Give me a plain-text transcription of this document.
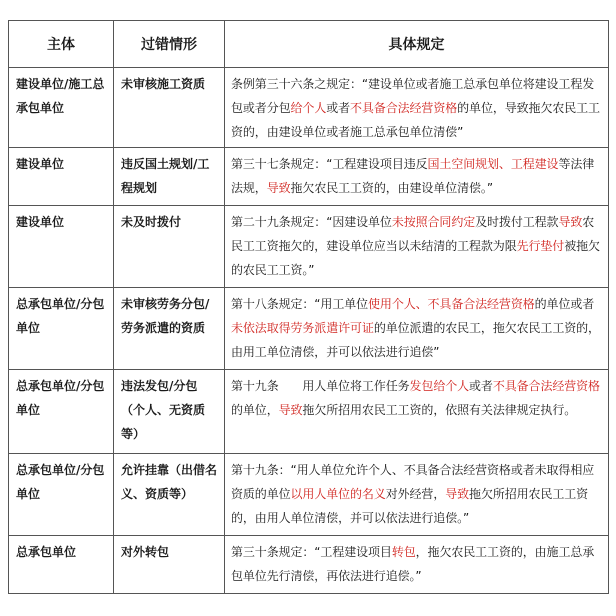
主体	过错情形	具体规定
建设单位/施工总承包单位	未审核施工资质	条例第三十六条之规定：“建设单位或者施工总承包单位将建设工程发包或者分包给个人或者不具备合法经营资格的单位，导致拖欠农民工工资的，由建设单位或者施工总承包单位清偿”
建设单位	违反国土规划/工程规划	第三十七条规定：“工程建设项目违反国土空间规划、工程建设等法律法规，导致拖欠农民工工资的，由建设单位清偿。”
建设单位	未及时拨付	第二十九条规定：“因建设单位未按照合同约定及时拨付工程款导致农民工工资拖欠的，建设单位应当以未结清的工程款为限先行垫付被拖欠的农民工工资。”
总承包单位/分包单位	未审核劳务分包/劳务派遣的资质	第十八条规定：“用工单位使用个人、不具备合法经营资格的单位或者未依法取得劳务派遣许可证的单位派遣的农民工，拖欠农民工工资的，由用工单位清偿，并可以依法进行追偿”
总承包单位/分包单位	违法发包/分包（个人、无资质等）	第十九条　　用人单位将工作任务发包给个人或者不具备合法经营资格的单位，导致拖欠所招用农民工工资的，依照有关法律规定执行。
总承包单位/分包单位	允许挂靠（出借名义、资质等）	第十九条：“用人单位允许个人、不具备合法经营资格或者未取得相应资质的单位以用人单位的名义对外经营，导致拖欠所招用农民工工资的，由用人单位清偿，并可以依法进行追偿。”
总承包单位	对外转包	第三十条规定：“工程建设项目转包，拖欠农民工工资的，由施工总承包单位先行清偿，再依法进行追偿。”
